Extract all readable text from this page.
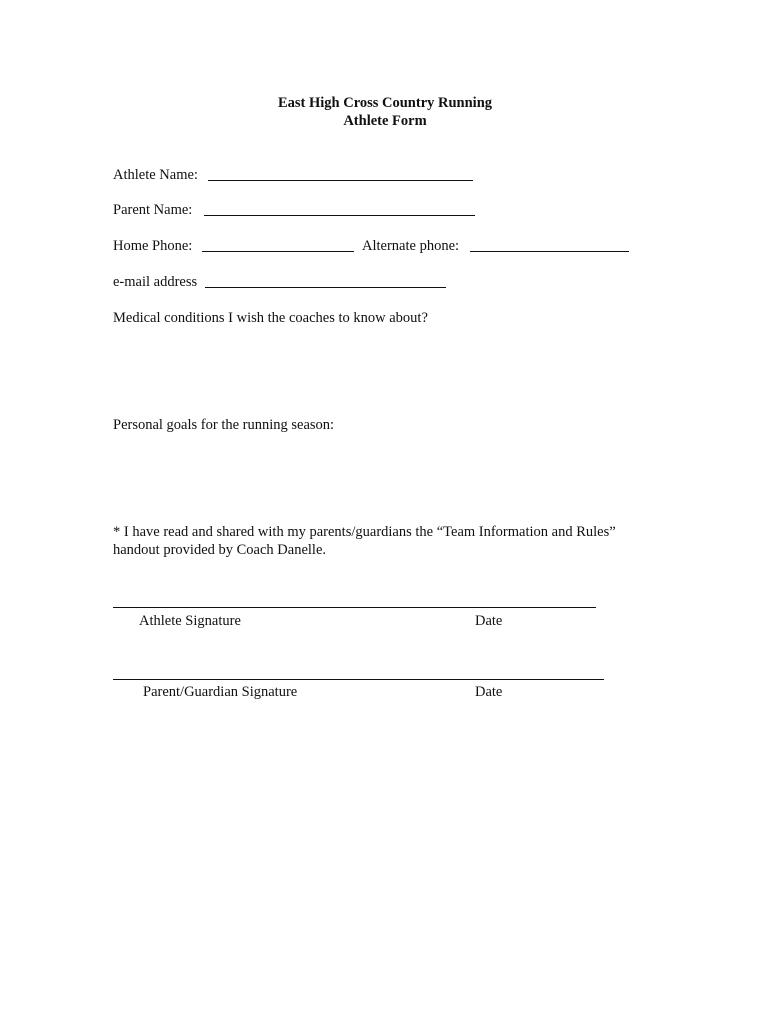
East High Cross Country Running
Athlete Form
Athlete Name:
Parent Name:
Home Phone:	Alternate phone:
e-mail address
Medical conditions I wish the coaches to know about?
Personal goals for the running season:
* I have read and shared with my parents/guardians the “Team Information and Rules”
handout provided by Coach Danelle.
Athlete Signature	Date
Parent/Guardian Signature	Date
